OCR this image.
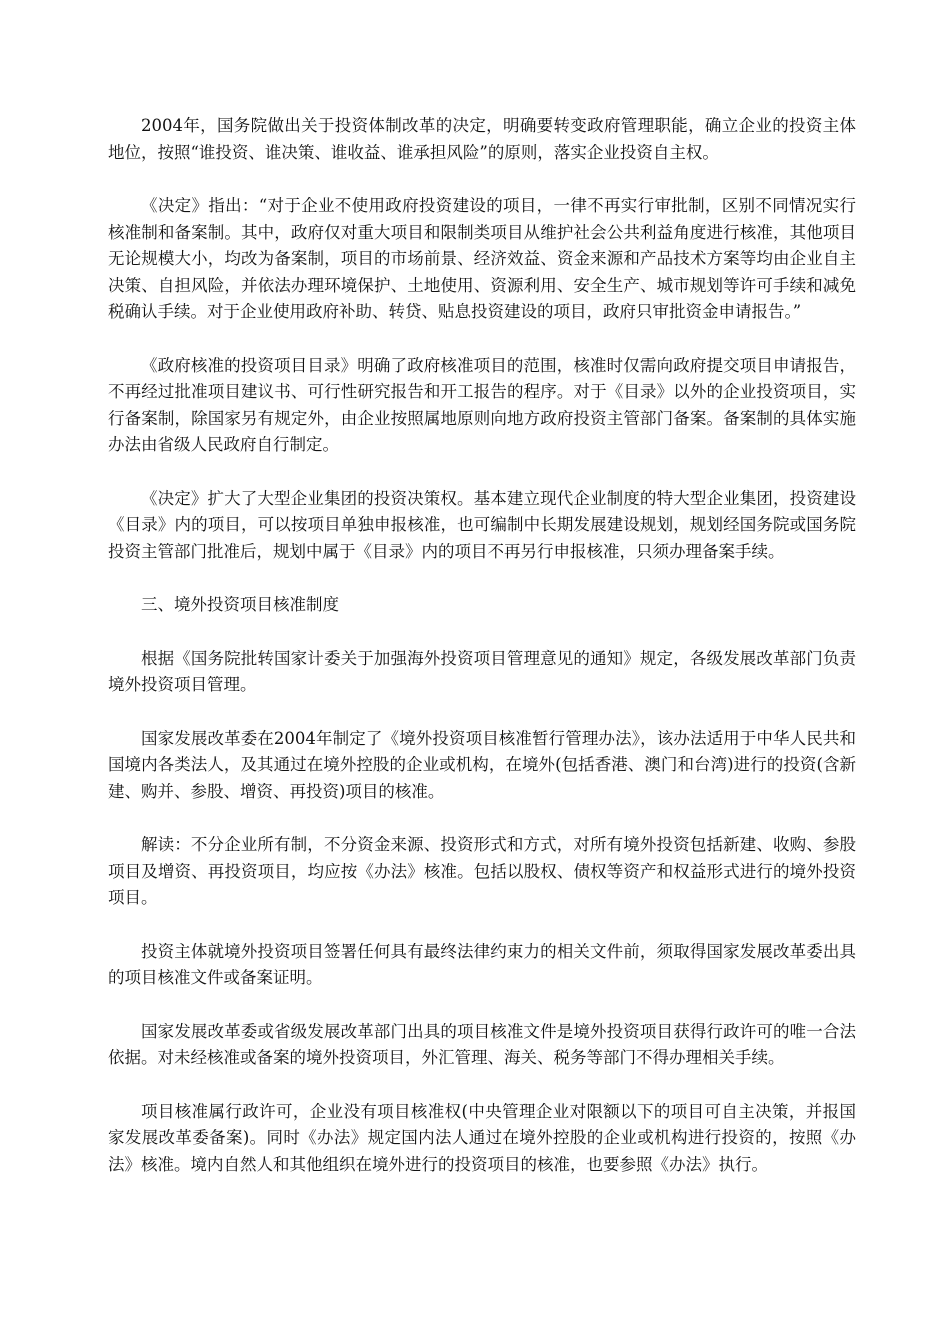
2004年，国务院做出关于投资体制改革的决定，明确要转变政府管理职能，确立企业的投资主体地位，按照“谁投资、谁决策、谁收益、谁承担风险”的原则，落实企业投资自主权。

《决定》指出：“对于企业不使用政府投资建设的项目，一律不再实行审批制，区别不同情况实行核准制和备案制。其中，政府仅对重大项目和限制类项目从维护社会公共利益角度进行核准，其他项目无论规模大小，均改为备案制，项目的市场前景、经济效益、资金来源和产品技术方案等均由企业自主决策、自担风险，并依法办理环境保护、土地使用、资源利用、安全生产、城市规划等许可手续和减免税确认手续。对于企业使用政府补助、转贷、贴息投资建设的项目，政府只审批资金申请报告。”

《政府核准的投资项目目录》明确了政府核准项目的范围，核准时仅需向政府提交项目申请报告，不再经过批准项目建议书、可行性研究报告和开工报告的程序。对于《目录》以外的企业投资项目，实行备案制，除国家另有规定外，由企业按照属地原则向地方政府投资主管部门备案。备案制的具体实施办法由省级人民政府自行制定。

《决定》扩大了大型企业集团的投资决策权。基本建立现代企业制度的特大型企业集团，投资建设《目录》内的项目，可以按项目单独申报核准，也可编制中长期发展建设规划，规划经国务院或国务院投资主管部门批准后，规划中属于《目录》内的项目不再另行申报核准，只须办理备案手续。

三、境外投资项目核准制度

根据《国务院批转国家计委关于加强海外投资项目管理意见的通知》规定，各级发展改革部门负责境外投资项目管理。

国家发展改革委在2004年制定了《境外投资项目核准暂行管理办法》，该办法适用于中华人民共和国境内各类法人，及其通过在境外控股的企业或机构，在境外(包括香港、澳门和台湾)进行的投资(含新建、购并、参股、增资、再投资)项目的核准。

解读：不分企业所有制，不分资金来源、投资形式和方式，对所有境外投资包括新建、收购、参股项目及增资、再投资项目，均应按《办法》核准。包括以股权、债权等资产和权益形式进行的境外投资项目。

投资主体就境外投资项目签署任何具有最终法律约束力的相关文件前，须取得国家发展改革委出具的项目核准文件或备案证明。

国家发展改革委或省级发展改革部门出具的项目核准文件是境外投资项目获得行政许可的唯一合法依据。对未经核准或备案的境外投资项目，外汇管理、海关、税务等部门不得办理相关手续。

项目核准属行政许可，企业没有项目核准权(中央管理企业对限额以下的项目可自主决策，并报国家发展改革委备案)。同时《办法》规定国内法人通过在境外控股的企业或机构进行投资的，按照《办法》核准。境内自然人和其他组织在境外进行的投资项目的核准，也要参照《办法》执行。
